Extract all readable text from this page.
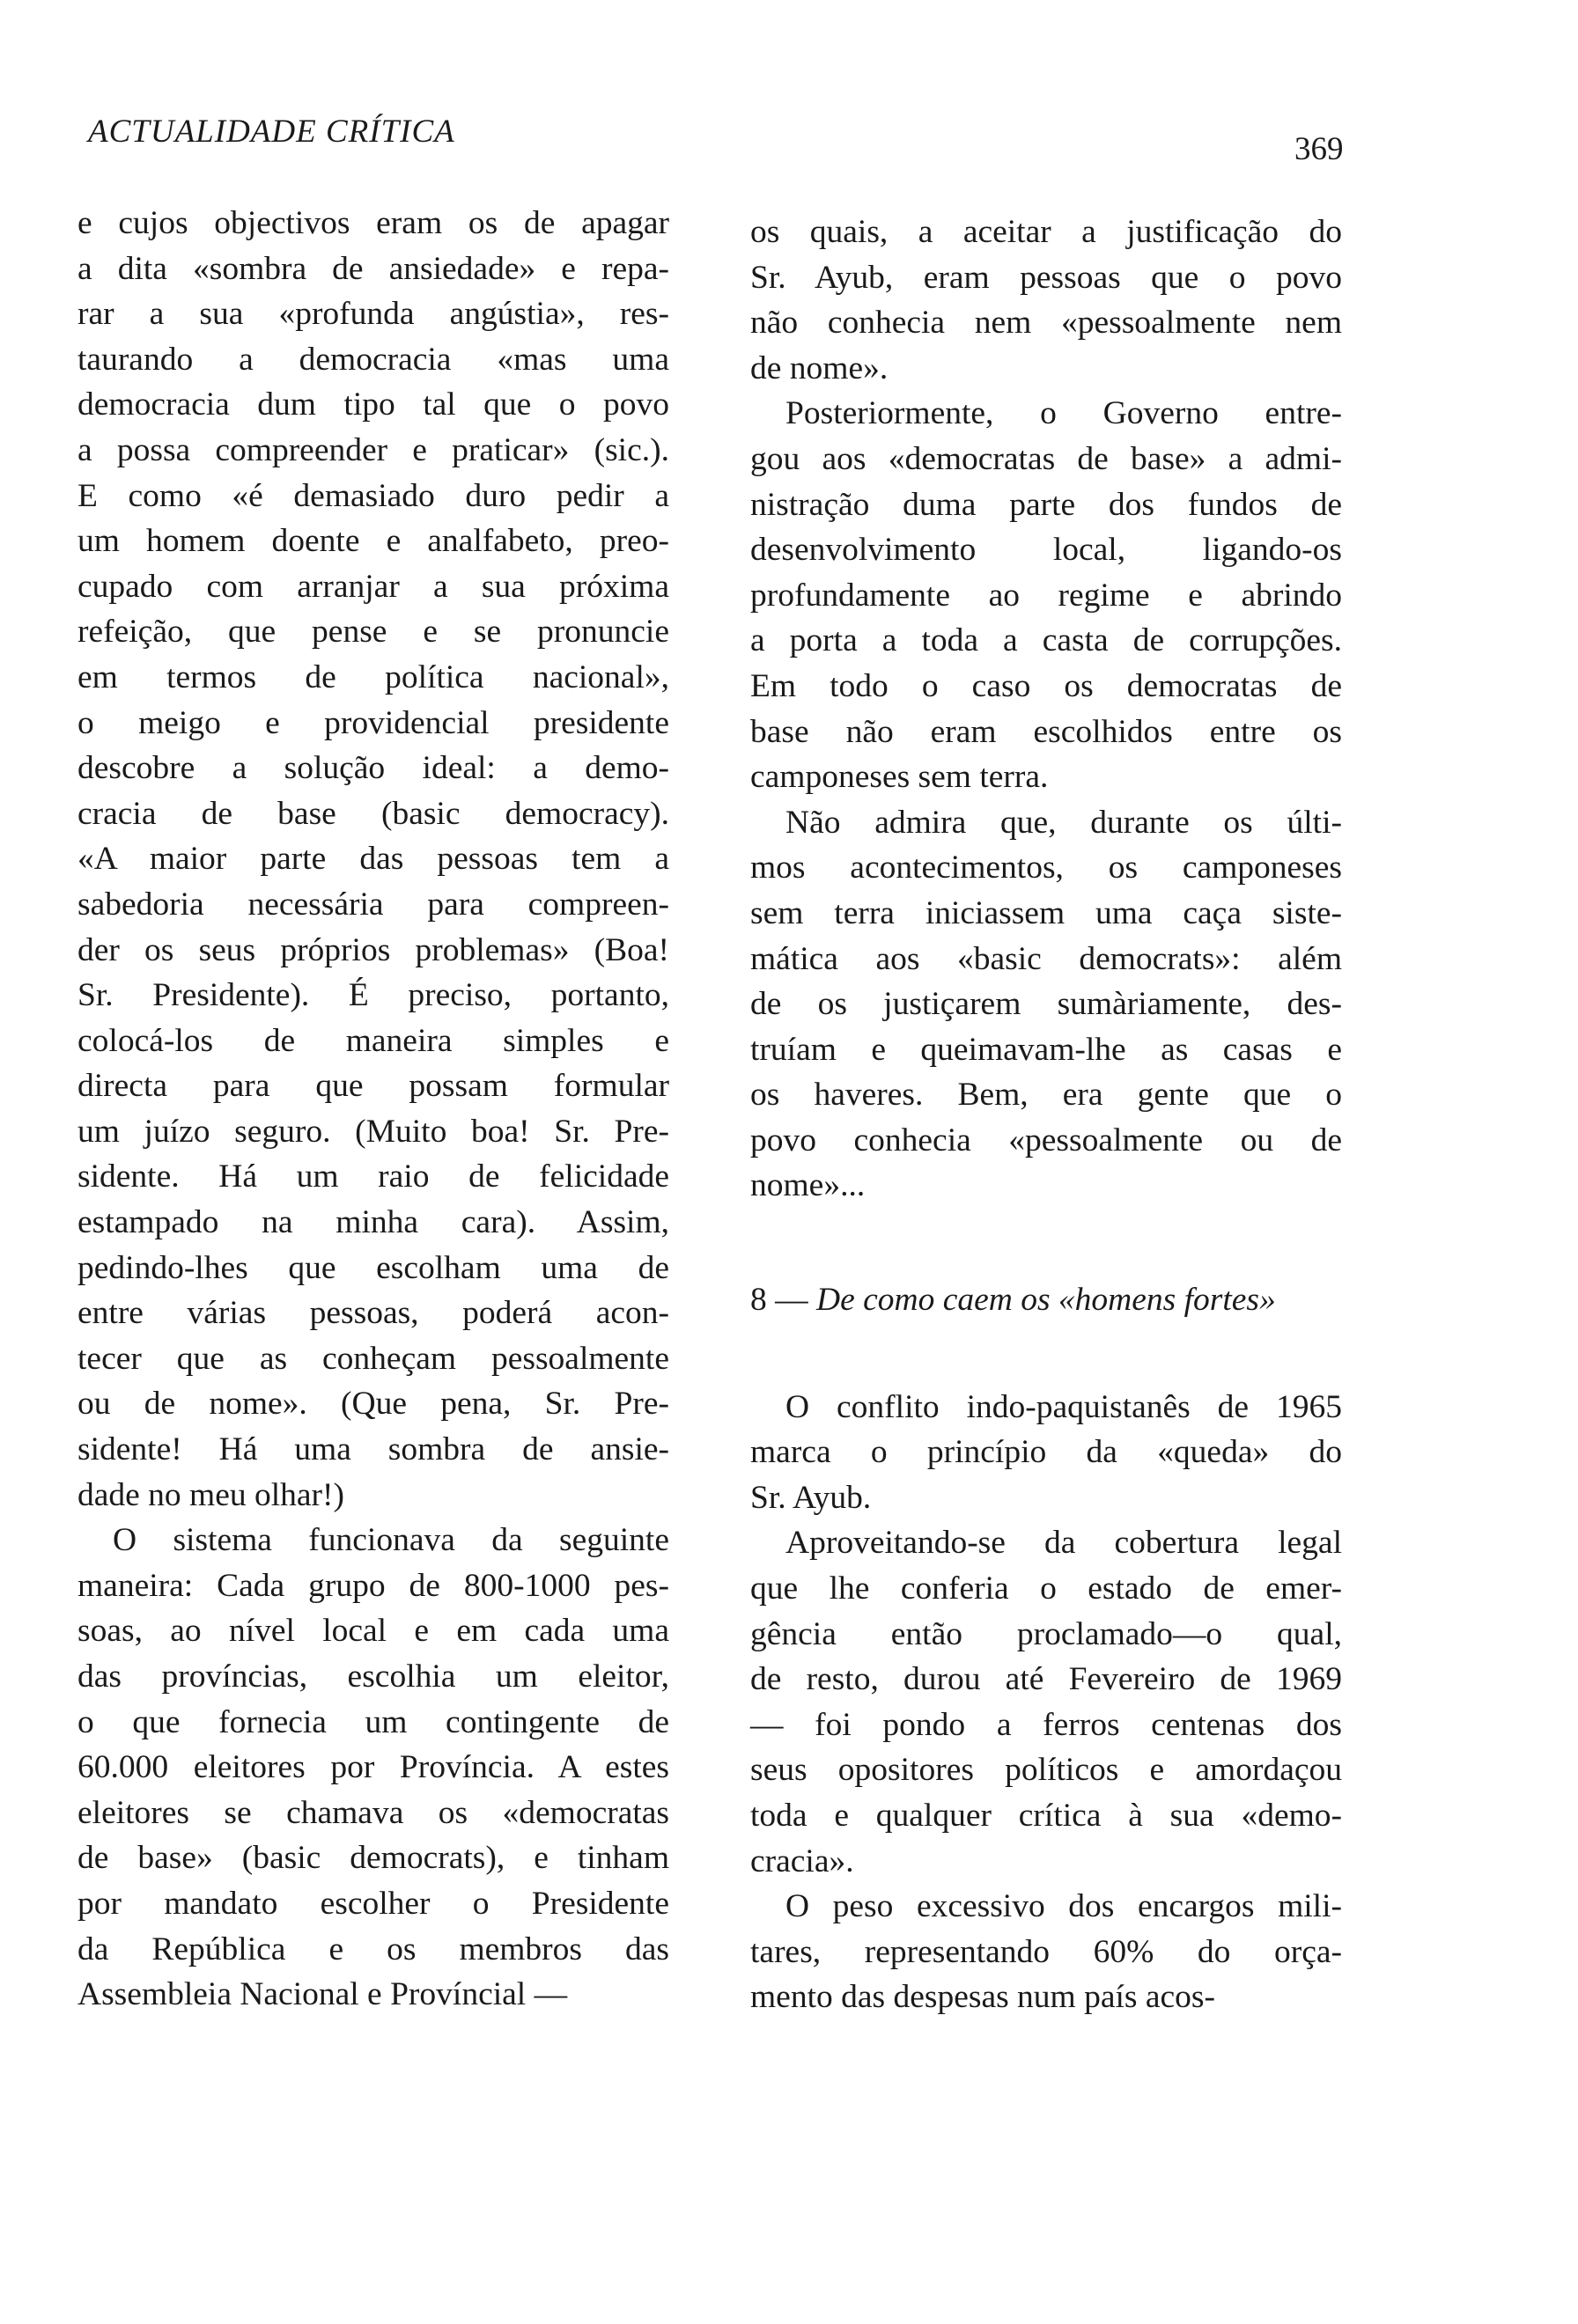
ACTUALIDADE CRÍTICA	369
e cujos objectivos eram os de apagar
a dita «sombra de ansiedade» e repa-
rar a sua «profunda angústia», res-
taurando a democracia «mas uma
democracia dum tipo tal que o povo
a possa compreender e praticar» (sic.).
E como «é demasiado duro pedir a
um homem doente e analfabeto, preo-
cupado com arranjar a sua próxima
refeição, que pense e se pronuncie
em termos de política nacional»,
o meigo e providencial presidente
descobre a solução ideal: a demo-
cracia de base (basic democracy).
«A maior parte das pessoas tem a
sabedoria necessária para compreen-
der os seus próprios problemas» (Boa!
Sr. Presidente). É preciso, portanto,
colocá-los de maneira simples e
directa para que possam formular
um juízo seguro. (Muito boa! Sr. Pre-
sidente. Há um raio de felicidade
estampado na minha cara). Assim,
pedindo-lhes que escolham uma de
entre várias pessoas, poderá acon-
tecer que as conheçam pessoalmente
ou de nome». (Que pena, Sr. Pre-
sidente! Há uma sombra de ansie-
dade no meu olhar!)
O sistema funcionava da seguinte
maneira: Cada grupo de 800-1000 pes-
soas, ao nível local e em cada uma
das províncias, escolhia um eleitor,
o que fornecia um contingente de
60.000 eleitores por Província. A estes
eleitores se chamava os «democratas
de base» (basic democrats), e tinham
por mandato escolher o Presidente
da República e os membros das
Assembleia Nacional e Províncial —
os quais, a aceitar a justificação do
Sr. Ayub, eram pessoas que o povo
não conhecia nem «pessoalmente nem
de nome».
Posteriormente, o Governo entre-
gou aos «democratas de base» a admi-
nistração duma parte dos fundos de
desenvolvimento local, ligando-os
profundamente ao regime e abrindo
a porta a toda a casta de corrupções.
Em todo o caso os democratas de
base não eram escolhidos entre os
camponeses sem terra.
Não admira que, durante os últi-
mos acontecimentos, os camponeses
sem terra iniciassem uma caça siste-
mática aos «basic democrats»: além
de os justiçarem sumàriamente, des-
truíam e queimavam-lhe as casas e
os haveres. Bem, era gente que o
povo conhecia «pessoalmente ou de
nome»...
8 — De como caem os «homens fortes»
O conflito indo-paquistanês de 1965
marca o princípio da «queda» do
Sr. Ayub.
Aproveitando-se da cobertura legal
que lhe conferia o estado de emer-
gência então proclamado—o qual,
de resto, durou até Fevereiro de 1969
— foi pondo a ferros centenas dos
seus opositores políticos e amordaçou
toda e qualquer crítica à sua «demo-
cracia».
O peso excessivo dos encargos mili-
tares, representando 60% do orça-
mento das despesas num país acos-
